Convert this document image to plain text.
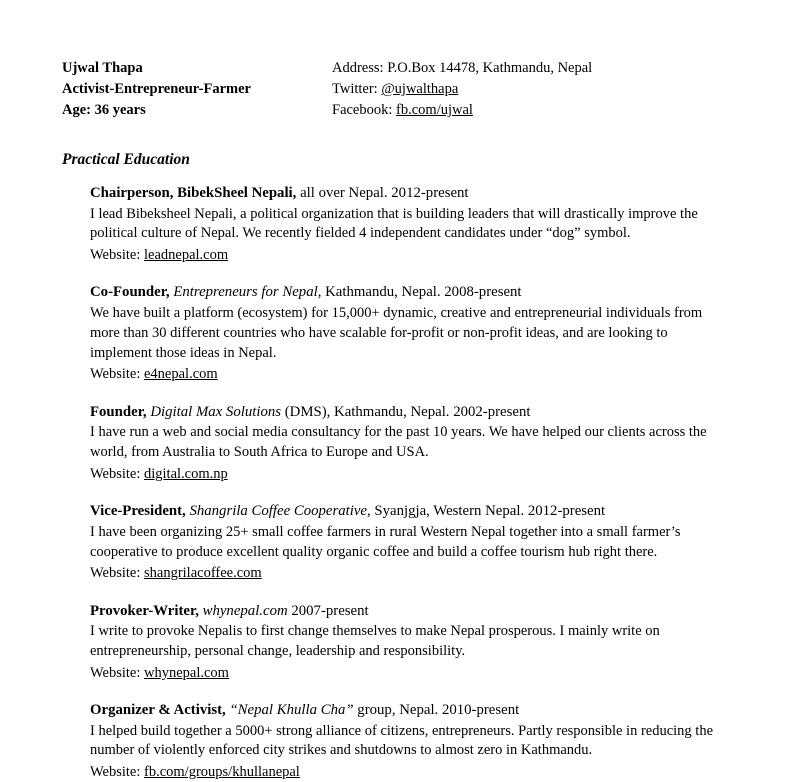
Ujwal Thapa
Activist-Entrepreneur-Farmer
Age: 36 years
Address: P.O.Box 14478, Kathmandu, Nepal
Twitter: @ujwalthapa
Facebook: fb.com/ujwal
Practical Education
Chairperson, BibekSheel Nepali, all over Nepal. 2012-present
I lead Bibeksheel Nepali, a political organization that is building leaders that will drastically improve the political culture of Nepal. We recently fielded 4 independent candidates under “dog” symbol.
Website: leadnepal.com
Co-Founder, Entrepreneurs for Nepal, Kathmandu, Nepal. 2008-present
We have built a platform (ecosystem) for 15,000+ dynamic, creative and entrepreneurial individuals from more than 30 different countries who have scalable for-profit or non-profit ideas, and are looking to implement those ideas in Nepal.
Website: e4nepal.com
Founder, Digital Max Solutions (DMS), Kathmandu, Nepal. 2002-present
I have run a web and social media consultancy for the past 10 years. We have helped our clients across the world, from Australia to South Africa to Europe and USA.
Website: digital.com.np
Vice-President, Shangrila Coffee Cooperative, Syanjgja, Western Nepal. 2012-present
I have been organizing 25+ small coffee farmers in rural Western Nepal together into a small farmer’s cooperative to produce excellent quality organic coffee and build a coffee tourism hub right there.
Website: shangrilacoffee.com
Provoker-Writer, whynepal.com 2007-present
I write to provoke Nepalis to first change themselves to make Nepal prosperous. I mainly write on entrepreneurship, personal change, leadership and responsibility.
Website: whynepal.com
Organizer & Activist, “Nepal Khulla Cha” group, Nepal. 2010-present
I helped build together a 5000+ strong alliance of citizens, entrepreneurs. Partly responsible in reducing the number of violently enforced city strikes and shutdowns to almost zero in Kathmandu.
Website: fb.com/groups/khullanepal
